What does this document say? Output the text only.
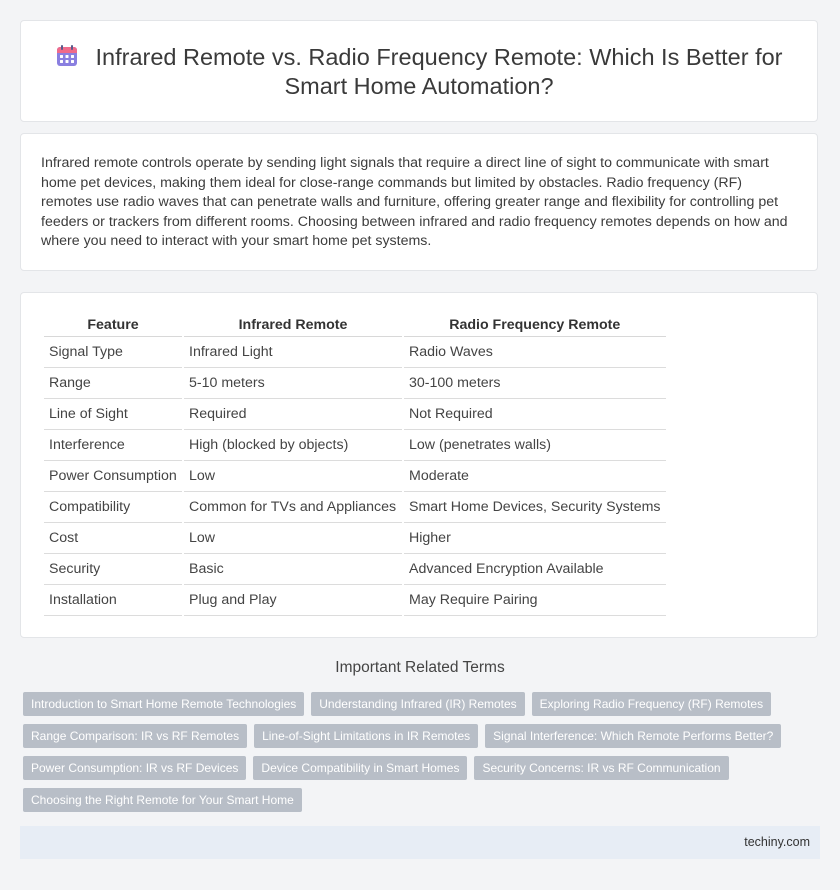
Infrared Remote vs. Radio Frequency Remote: Which Is Better for Smart Home Automation?

Infrared remote controls operate by sending light signals that require a direct line of sight to communicate with smart home pet devices, making them ideal for close-range commands but limited by obstacles. Radio frequency (RF) remotes use radio waves that can penetrate walls and furniture, offering greater range and flexibility for controlling pet feeders or trackers from different rooms. Choosing between infrared and radio frequency remotes depends on how and where you need to interact with your smart home pet systems.

Feature	Infrared Remote	Radio Frequency Remote
Signal Type	Infrared Light	Radio Waves
Range	5-10 meters	30-100 meters
Line of Sight	Required	Not Required
Interference	High (blocked by objects)	Low (penetrates walls)
Power Consumption	Low	Moderate
Compatibility	Common for TVs and Appliances	Smart Home Devices, Security Systems
Cost	Low	Higher
Security	Basic	Advanced Encryption Available
Installation	Plug and Play	May Require Pairing
Important Related Terms
Introduction to Smart Home Remote Technologies	Understanding Infrared (IR) Remotes	Exploring Radio Frequency (RF) Remotes
Range Comparison: IR vs RF Remotes	Line-of-Sight Limitations in IR Remotes	Signal Interference: Which Remote Performs Better?
Power Consumption: IR vs RF Devices	Device Compatibility in Smart Homes	Security Concerns: IR vs RF Communication
Choosing the Right Remote for Your Smart Home
techiny.com
